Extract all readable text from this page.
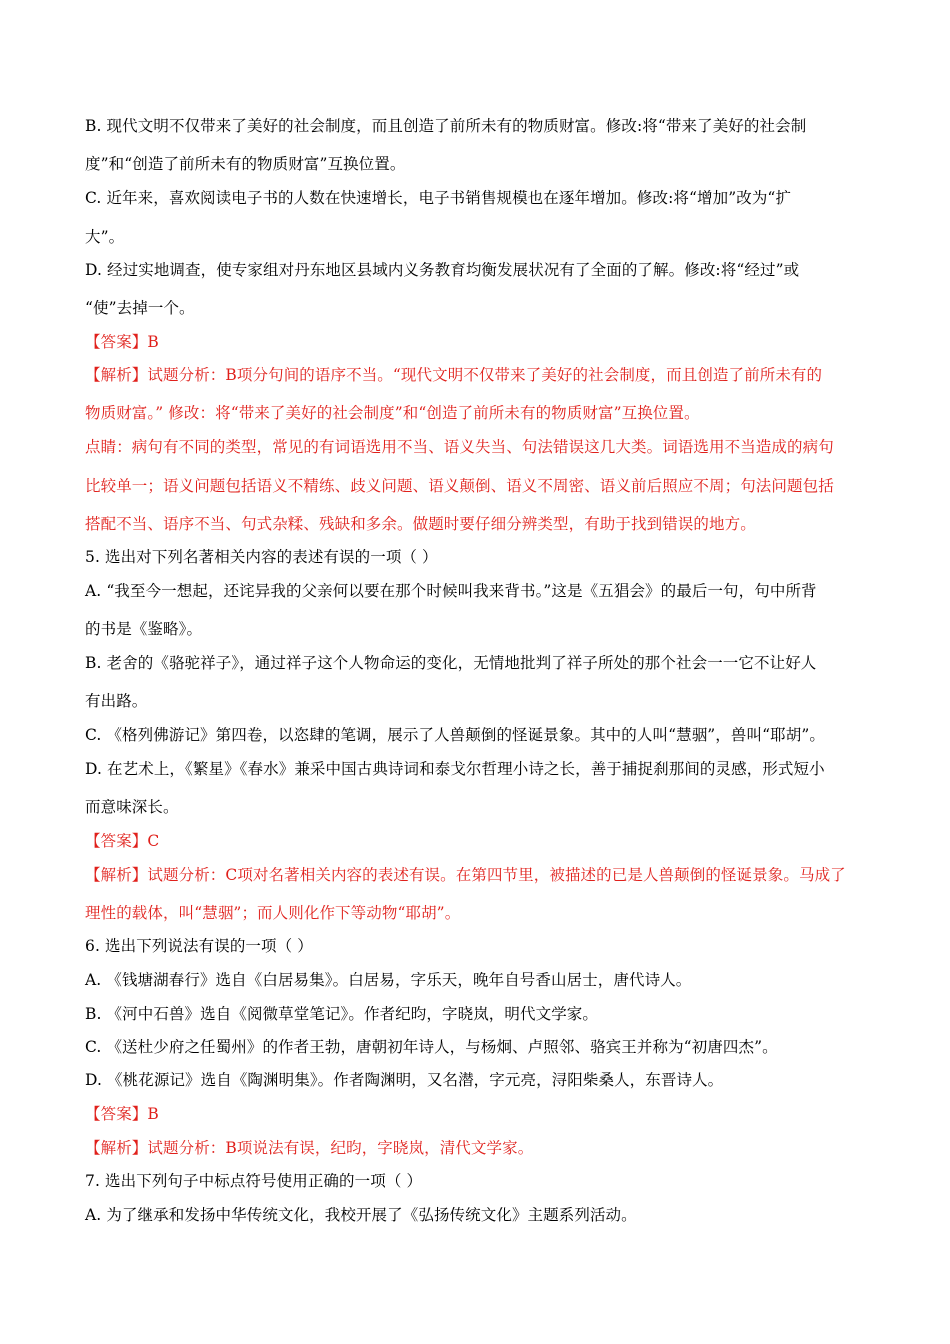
B. 现代文明不仅带来了美好的社会制度，而且创造了前所未有的物质财富。修改:将“带来了美好的社会制
度”和“创造了前所未有的物质财富”互换位置。
C. 近年来，喜欢阅读电子书的人数在快速增长，电子书销售规模也在逐年增加。修改:将“增加”改为“扩
大”。
D. 经过实地调查，使专家组对丹东地区县域内义务教育均衡发展状况有了全面的了解。修改:将“经过”或
“使”去掉一个。
【答案】B
【解析】试题分析：B项分句间的语序不当。“现代文明不仅带来了美好的社会制度，而且创造了前所未有的
物质财富。” 修改：将“带来了美好的社会制度”和“创造了前所未有的物质财富”互换位置。
点睛：病句有不同的类型，常见的有词语选用不当、语义失当、句法错误这几大类。词语选用不当造成的病句
比较单一；语义问题包括语义不精练、歧义问题、语义颠倒、语义不周密、语义前后照应不周；句法问题包括
搭配不当、语序不当、句式杂糅、残缺和多余。做题时要仔细分辨类型，有助于找到错误的地方。
5. 选出对下列名著相关内容的表述有误的一项（ ）
A. “我至今一想起，还诧异我的父亲何以要在那个时候叫我来背书。”这是《五猖会》的最后一句，句中所背
的书是《鉴略》。
B. 老舍的《骆驼祥子》，通过祥子这个人物命运的变化，无情地批判了祥子所处的那个社会一一它不让好人
有出路。
C. 《格列佛游记》第四卷，以恣肆的笔调，展示了人兽颠倒的怪诞景象。其中的人叫“慧骃”，兽叫“耶胡”。
D. 在艺术上，《繁星》《春水》兼采中国古典诗词和泰戈尔哲理小诗之长，善于捕捉刹那间的灵感，形式短小
而意味深长。
【答案】C
【解析】试题分析：C项对名著相关内容的表述有误。在第四节里，被描述的已是人兽颠倒的怪诞景象。马成了
理性的载体，叫“慧骃”；而人则化作下等动物“耶胡”。
6. 选出下列说法有误的一项（ ）
A. 《钱塘湖春行》选自《白居易集》。白居易，字乐天，晚年自号香山居士，唐代诗人。
B. 《河中石兽》选自《阅微草堂笔记》。作者纪昀，字晓岚，明代文学家。
C. 《送杜少府之任蜀州》的作者王勃，唐朝初年诗人，与杨炯、卢照邻、骆宾王并称为“初唐四杰”。
D. 《桃花源记》选自《陶渊明集》。作者陶渊明，又名潜，字元亮，浔阳柴桑人，东晋诗人。
【答案】B
【解析】试题分析：B项说法有误，纪昀，字晓岚，清代文学家。
7. 选出下列句子中标点符号使用正确的一项（ ）
A. 为了继承和发扬中华传统文化，我校开展了《弘扬传统文化》主题系列活动。
